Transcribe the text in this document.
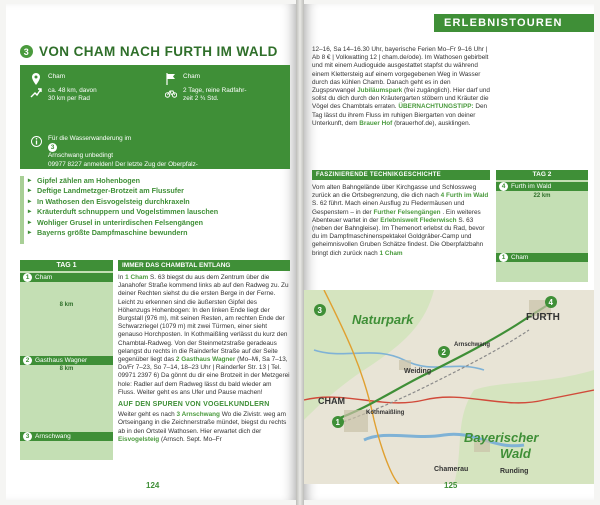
3 VON CHAM NACH FURTH IM WALD
Cham
ca. 48 km, davon
30 km per Rad
Cham
2 Tage, reine Radfahr-
zeit 2 ¾ Std.
Für die Wasserwanderung im
3
Arnschwang unbedingt
09977 8227 anmelden! Der letzte Zug der Oberpfalz-
bahn von Furth zurück nach Cham fährt gegen 21 Uhr.
▸ Gipfel zählen am Hohenbogen
▸ Deftige Landmetzger-Brotzeit am Flussufer
▸ In Wathosen den Eisvogelsteig durchkraxeln
▸ Kräuterduft schnuppern und Vogelstimmen lauschen
▸ Wohliger Grusel in unterirdischen Felsengängen
▸ Bayerns größte Dampfmaschine bewundern
TAG 1
1 Cham
8 km
2 Gasthaus Wagner
8 km
3 Arnschwang
IMMER DAS CHAMBTAL ENTLANG

In 1 Cham S. 63 biegst du aus dem Zentrum über die Janahofer Straße kommend links ab auf den Radweg zu. Zu deiner Rechten siehst du die ersten Berge in der Ferne. Leicht zu erkennen sind die äußersten Gipfel des Höhenzugs Hohenbogen: In den linken Ende liegt der Burgstall (976 m), mit seinen Resten, am rechten Ende der Schwarzriegel (1079 m) mit zwei Türmen, einer sieht genauso Horchposten. In Kothmaißling verlässt du kurz den Chambtal-Radweg. Von der Steinmetzstraße geradeaus gelangst du rechts in die Rainderfer Straße auf der Seite gegenüber liegt das 2 Gasthaus Wagner (Mo–Mi, Sa 7–13, Do/Fr 7–23, So 7–14, 18–23 Uhr | Rainderfer Str. 13 | Tel. 09971 2397 6) Da gönnt du dir eine Brotzeit in der Metzgerei hole: Radler auf dem Radweg lässt du bald wieder am Fluss. Weiter geht es ans Ufer und Pause machen!

AUF DEN SPUREN VON VOGELKUNDLERN

Weiter geht es nach 3 Arnschwang Wo die Zivistr. weg am Ortseingang in die Zeichnerstraße mündet, biegst du rechts ab in den Ortsteil Wathosen. Hier erwartet dich der Eisvogelsteig (Arnsch. Sept. Mo–Fr

124
ERLEBNISTOUREN

12–16, Sa 14–16.30 Uhr, bayerische Ferien Mo–Fr 9–16 Uhr | Ab 8 € | Volkwatting 12 | cham.de/ode). Im Wathosen gebirbelt und mit einem Audioguide ausgestattet stapfst du während einem Klettersteig auf einem vorgegebenen Weg in Wasser durch das kühlen Chamb. Danach geht es in den Zugspsrwangel Jubiläumspark (frei zugänglich). Hier darf und sollst du dich durch den Kräutergarten stöbern und Kräuter die Vögel des Chambtals erraten. ÜBERNACHTUNGSTIPP: Den Tag lässt du ihrem Fluss im ruhigen Biergarten von deiner Unterkunft, dem Brauer Hof (brauerhof.de), ausklingen.

FASZINIERENDE TECHNIKGESCHICHTE
Vom alten Bahngelände über Kirchgasse und Schlossweg zurück an die Ortsbegrenzung, die dich nach 4 Furth im Wald S. 62 führt. Mach einen Ausflug zu Fledermäusen und Gespenstern – in der Further Felsengängen . Ein weiteres Abenteuer wartet in der Erlebniswelt Flederwisch S. 63 (neben der Bahngleise). Im Themenort erlebst du Rad, bevor du im Dampfmaschinenspektakel Goldgräber-Camp und geheimnisvollen Gruben Schätze findest. Die Oberpfalzbahn bringt dich zurück nach 1 Cham
TAG 2
4 Furth im Wald
22 km
1 Cham
4
1
3
2
FURTH
Naturpark
Bayerischer
Wald
Weiding
Chamerau	Runding
CHAM
Arnschwang
Kothmaißling
125
